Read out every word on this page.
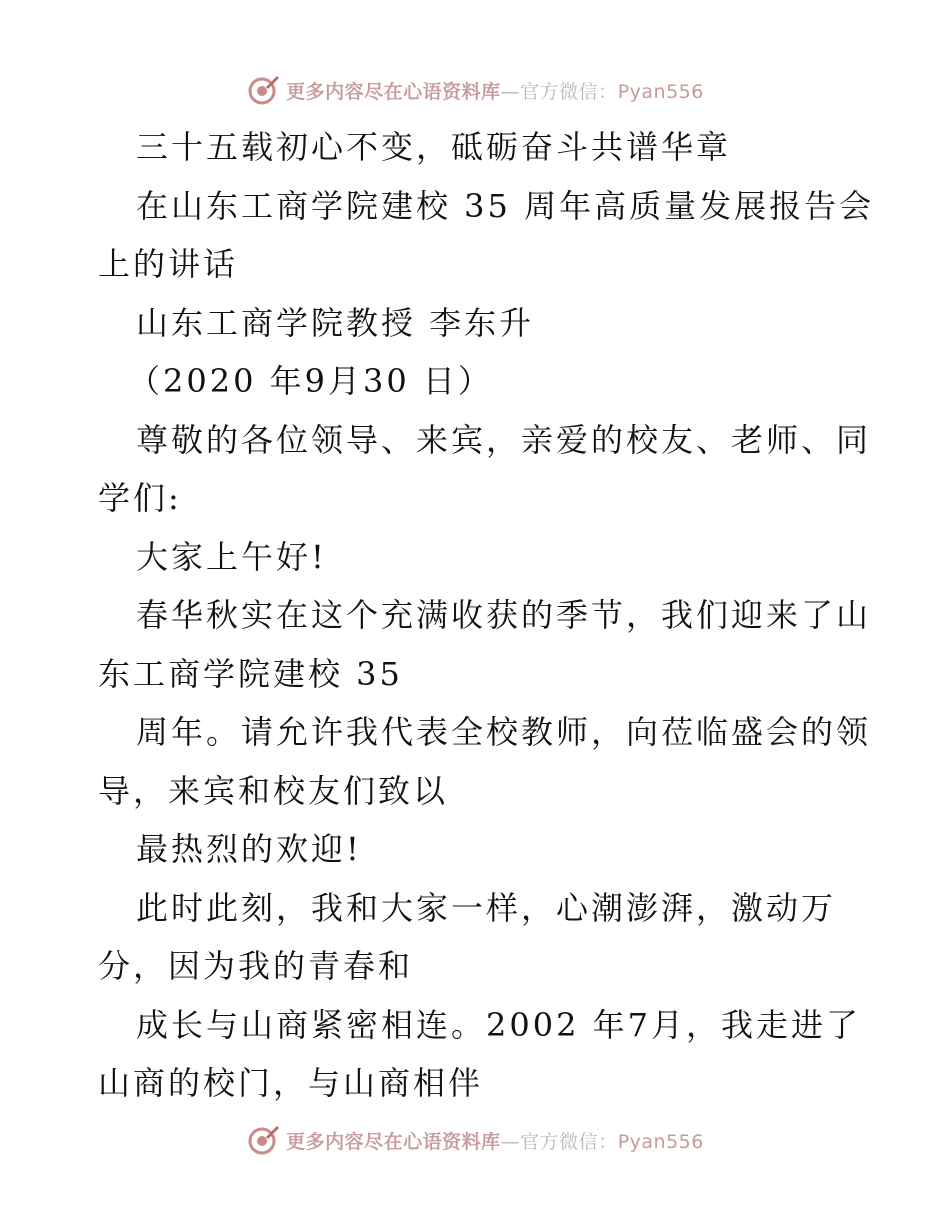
更多内容尽在心语资料库—官方微信：Pyan556
三十五载初心不变，砥砺奋斗共谱华章
在山东工商学院建校 35 周年高质量发展报告会
上的讲话
山东工商学院教授 李东升
（2020 年9月30 日）
尊敬的各位领导、来宾，亲爱的校友、老师、同
学们:
大家上午好!
春华秋实在这个充满收获的季节，我们迎来了山
东工商学院建校 35
周年。请允许我代表全校教师，向莅临盛会的领
导，来宾和校友们致以
最热烈的欢迎!
此时此刻，我和大家一样，心潮澎湃，激动万
分，因为我的青春和
成长与山商紧密相连。2002 年7月，我走进了
山商的校门，与山商相伴
更多内容尽在心语资料库—官方微信：Pyan556
